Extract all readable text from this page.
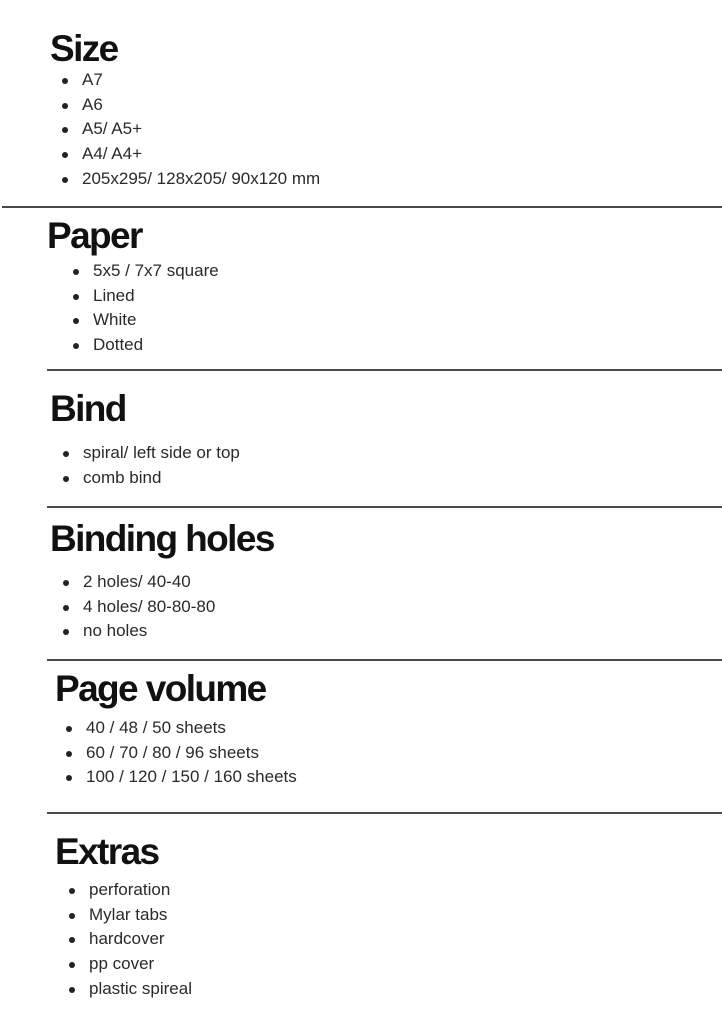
Size
A7
A6
A5/ A5+
A4/ A4+
205x295/ 128x205/ 90x120 mm
Paper
5x5 / 7x7 square
Lined
White
Dotted
Bind
spiral/ left side or top
comb bind
Binding holes
2 holes/ 40-40
4 holes/ 80-80-80
no holes
Page volume
40 / 48 / 50 sheets
60 / 70 / 80 / 96 sheets
100 / 120 / 150 / 160 sheets
Extras
perforation
Mylar tabs
hardcover
pp cover
plastic spireal
